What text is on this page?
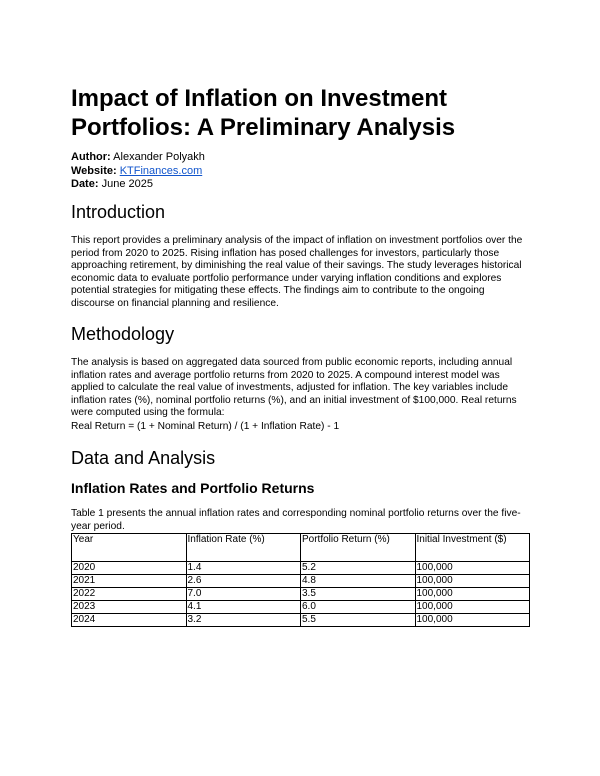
Impact of Inflation on Investment Portfolios: A Preliminary Analysis
Author: Alexander Polyakh
Website: KTFinances.com
Date: June 2025
Introduction

This report provides a preliminary analysis of the impact of inflation on investment portfolios over the period from 2020 to 2025. Rising inflation has posed challenges for investors, particularly those approaching retirement, by diminishing the real value of their savings. The study leverages historical economic data to evaluate portfolio performance under varying inflation conditions and explores potential strategies for mitigating these effects. The findings aim to contribute to the ongoing discourse on financial planning and resilience.

Methodology

The analysis is based on aggregated data sourced from public economic reports, including annual inflation rates and average portfolio returns from 2020 to 2025. A compound interest model was applied to calculate the real value of investments, adjusted for inflation. The key variables include inflation rates (%), nominal portfolio returns (%), and an initial investment of $100,000. Real returns were computed using the formula:

Real Return = (1 + Nominal Return) / (1 + Inflation Rate) - 1

Data and Analysis
Inflation Rates and Portfolio Returns

Table 1 presents the annual inflation rates and corresponding nominal portfolio returns over the five-year period.

Year	Inflation Rate (%)	Portfolio Return (%)	Initial Investment ($)
2020	1.4	5.2	100,000
2021	2.6	4.8	100,000
2022	7.0	3.5	100,000
2023	4.1	6.0	100,000
2024	3.2	5.5	100,000
